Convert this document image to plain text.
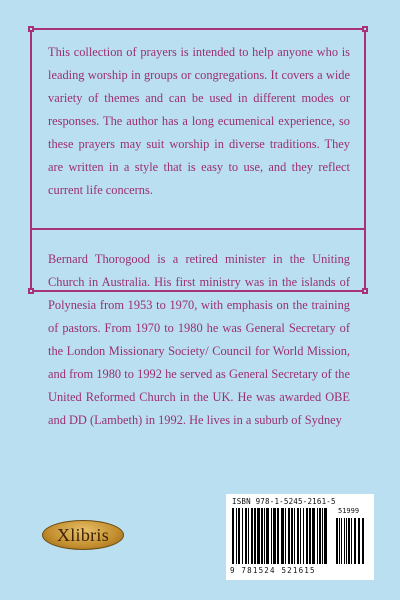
This collection of prayers is intended to help anyone who is leading worship in groups or congregations. It covers a wide variety of themes and can be used in different modes or responses. The author has a long ecumenical experience, so these prayers may suit worship in diverse traditions. They are written in a style that is easy to use, and they reflect current life concerns.
Bernard Thorogood is a retired minister in the Uniting Church in Australia. His first ministry was in the islands of Polynesia from 1953 to 1970, with emphasis on the training of pastors. From 1970 to 1980 he was General Secretary of the London Missionary Society/ Council for World Mission, and from 1980 to 1992 he served as General Secretary of the United Reformed Church in the UK. He was awarded OBE and DD (Lambeth) in 1992. He lives in a suburb of Sydney
Xlibris
ISBN 978-1-5245-2161-5
51999
9 781524 521615
